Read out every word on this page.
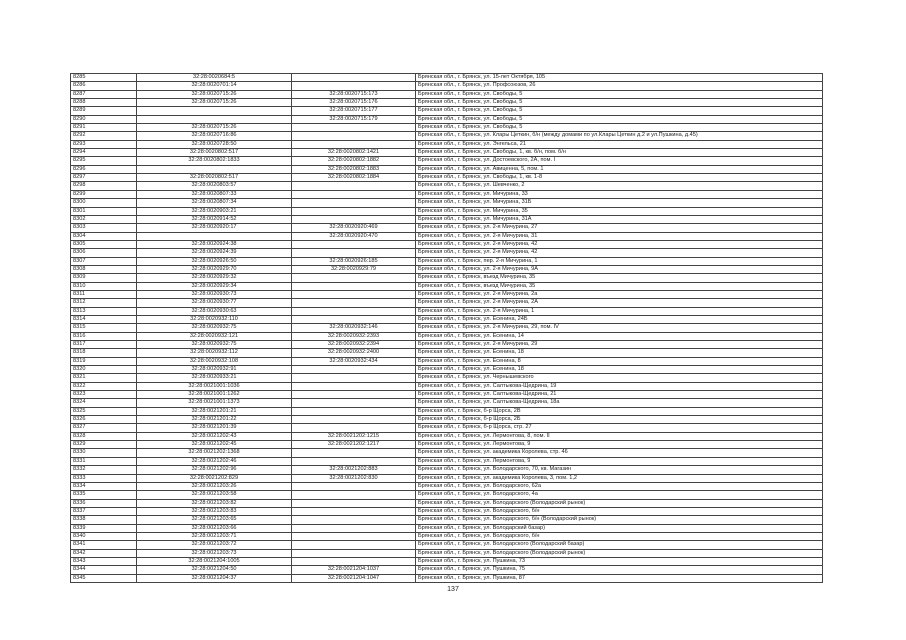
8285	32:28:0020684:5		Брянская обл., г. Брянск, ул. 15-лет Октября, 105
8286	32:28:0020701:14		Брянская обл., г. Брянск, ул. Профсоюзов, 26
8287	32:28:0020715:26	32:28:0020715:173	Брянская обл., г. Брянск, ул. Свободы, 5
8288	32:28:0020715:26	32:28:0020715:176	Брянская обл., г. Брянск, ул. Свободы, 5
8289		32:28:0020715:177	Брянская обл., г. Брянск, ул. Свободы, 5
8290		32:28:0020715:179	Брянская обл., г. Брянск, ул. Свободы, 5
8291	32:28:0020715:26		Брянская обл., г. Брянск, ул. Свободы, 5
8292	32:28:0020716:86		Брянская обл., г. Брянск, ул. Клары Цеткин, б/н (между домами по ул.Клары Цеткин д.2 и ул.Пушкина, д.45)
8293	32:28:0020728:50		Брянская обл., г. Брянск, ул. Энгельса, 21
8294	32:28:0020802:517	32:28:0020802:1421	Брянская обл., г. Брянск, ул. Свободы, 1, кв. б/н, пом. б/н
8295	32:28:0020802:1833	32:28:0020802:1882	Брянская обл., г. Брянск, ул. Достоевского, 2А, пом. I
8296		32:28:0020802:1883	Брянская обл., г. Брянск, ул. Авиценна, 5, пом. 1
8297	32:28:0020802:517	32:28:0020802:1884	Брянская обл., г. Брянск, ул. Свободы, 1, кв. 1-8
8298	32:28:0020803:57		Брянская обл., г. Брянск, ул. Шевченко, 2
8299	32:28:0020807:33		Брянская обл., г. Брянск, ул. Мичурина, 33
8300	32:28:0020807:34		Брянская обл., г. Брянск, ул. Мичурина, 31Б
8301	32:28:0020903:21		Брянская обл., г. Брянск, ул. Мичурина, 35
8302	32:28:0020914:52		Брянская обл., г. Брянск, ул. Мичурина, 31А
8303	32:28:0020920:17	32:28:0020920:469	Брянская обл., г. Брянск, ул. 2-я Мичурина, 27
8304		32:28:0020920:470	Брянская обл., г. Брянск, ул. 2-я Мичурина, 31
8305	32:28:0020924:38		Брянская обл., г. Брянск, ул. 2-я Мичурина, 42
8306	32:28:0020924:39		Брянская обл., г. Брянск, ул. 2-я Мичурина, 42
8307	32:28:0020926:50	32:28:0020926:185	Брянская обл., г. Брянск, пер. 2-я Мичурина, 1
8308	32:28:0020929:70	32:28:0020929:79	Брянская обл., г. Брянск, ул. 2-я Мичурина, 9А
8309	32:28:0020929:32		Брянская обл., г. Брянск, въезд Мичурина, 35
8310	32:28:0020929:34		Брянская обл., г. Брянск, въезд Мичурина, 35
8311	32:28:0020930:73		Брянская обл., г. Брянск, ул. 2-я Мичурина, 2а
8312	32:28:0020930:77		Брянская обл., г. Брянск, ул. 2-я Мичурина, 2А
8313	32:28:0020930:63		Брянская обл., г. Брянск, ул. 2-я Мичурина, 1
8314	32:28:0020932:110		Брянская обл., г. Брянск, ул. Есенина, 24Б
8315	32:28:0020932:75	32:28:0020932:146	Брянская обл., г. Брянск, ул. 2-я Мичурина, 29, пом. IV
8316	32:28:0020932:121	32:28:0020932:2393	Брянская обл., г. Брянск, ул. Есенина, 14
8317	32:28:0020932:75	32:28:0020932:2394	Брянская обл., г. Брянск, ул. 2-я Мичурина, 29
8318	32:28:0020932:112	32:28:0020932:2400	Брянская обл., г. Брянск, ул. Есенина, 18
8319	32:28:0020932:108	32:28:0020932:434	Брянская обл., г. Брянск, ул. Есенина, 8
8320	32:28:0020932:91		Брянская обл., г. Брянск, ул. Есенина, 18
8321	32:28:0020933:21		Брянская обл., г. Брянск, ул. Чернышевского
8322	32:28:0021001:1036		Брянская обл., г. Брянск, ул. Салтыкова-Щедрина, 19
8323	32:28:0021001:1262		Брянская обл., г. Брянск, ул. Салтыкова-Щедрина, 21
8324	32:28:0021001:1373		Брянская обл., г. Брянск, ул. Салтыкова-Щедрина, 18а
8325	32:28:0021201:21		Брянская обл., г. Брянск, б-р Щорса, 2В
8326	32:28:0021201:22		Брянская обл., г. Брянск, б-р Щорса, 2Б
8327	32:28:0021201:39		Брянская обл., г. Брянск, б-р Щорса, стр. 27
8328	32:28:0021202:43	32:28:0021202:1215	Брянская обл., г. Брянск, ул. Лермонтова, 8, пом. II
8329	32:28:0021202:45	32:28:0021202:1217	Брянская обл., г. Брянск, ул. Лермонтова, 9
8330	32:28:0021202:1368		Брянская обл., г. Брянск, ул. академика Королева, стр. 46
8331	32:28:0021202:46		Брянская обл., г. Брянск, ул. Лермонтова, 9
8332	32:28:0021202:96	32:28:0021202:883	Брянская обл., г. Брянск, ул. Володарского, 70, кв. Магазин
8333	32:28:0021202:829	32:28:0021202:830	Брянская обл., г. Брянск, ул. академика Королева, 3, пом. 1,2
8334	32:28:0021203:26		Брянская обл., г. Брянск, ул. Володарского, 62а
8335	32:28:0021203:58		Брянская обл., г. Брянск, ул. Володарского, 4а
8336	32:28:0021203:82		Брянская обл., г. Брянск, ул. Володарского (Володарский рынок)
8337	32:28:0021203:83		Брянская обл., г. Брянск, ул. Володарского, б/н
8338	32:28:0021203:65		Брянская обл., г. Брянск, ул. Володарского, б/н (Володарский рынок)
8339	32:28:0021203:66		Брянская обл., г. Брянск, ул. Володарский базар)
8340	32:28:0021203:71		Брянская обл., г. Брянск, ул. Володарского, б/н
8341	32:28:0021203:72		Брянская обл., г. Брянск, ул. Володарского (Володарский базар)
8342	32:28:0021203:73		Брянская обл., г. Брянск, ул. Володарского (Володарский рынок)
8343	32:28:0021204:1005		Брянская обл., г. Брянск, ул. Пушкина, 73
8344	32:28:0021204:50	32:28:0021204:1037	Брянская обл., г. Брянск, ул. Пушкина, 75
8345	32:28:0021204:37	32:28:0021204:1047	Брянская обл., г. Брянск, ул. Пушкина, 87
137
